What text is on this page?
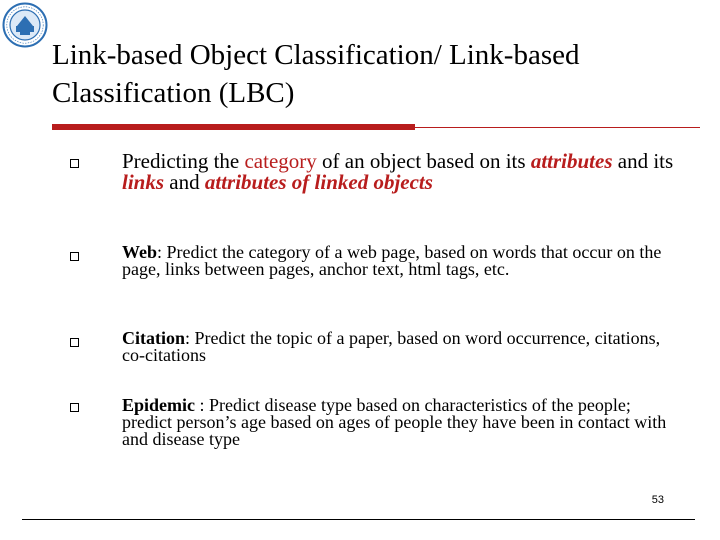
Link-based Object Classification/ Link-based Classification (LBC)
Predicting the category of an object based on its attributes and its links and attributes of linked objects
Web: Predict the category of a web page, based on words that occur on the page, links between pages, anchor text, html tags, etc.
Citation: Predict the topic of a paper, based on word occurrence, citations, co-citations
Epidemic : Predict disease type based on characteristics of the people; predict person’s age based on ages of people they have been in contact with and disease type
53
